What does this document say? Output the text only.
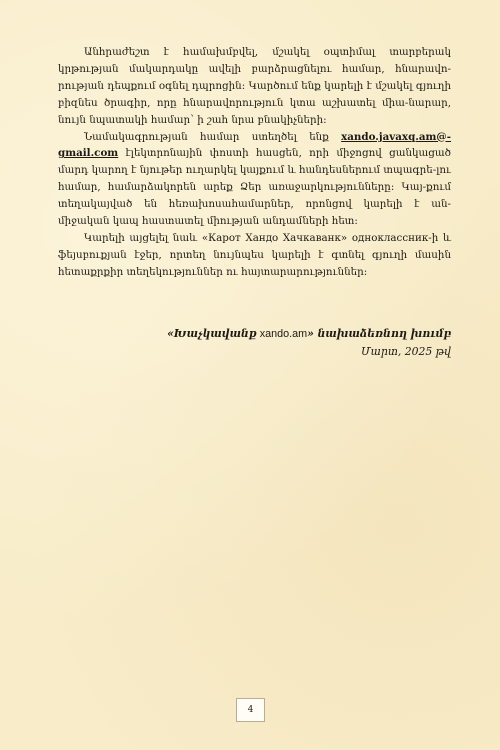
Անհրաժեշտ է համախմբվել, մշակել օպտիմալ տարբերակ կրթության մակարդակը ավելի բարձրացնելու համար, հնարավո-րության դեպքում օգնել դպրոցին: Կարծում ենք կարելի է մշակել գյուղի բիզնես ծրագիր, որը հնարավորություն կտա աշխատել միա-նարար, նույն նպատակի համար՝ ի շահ նրա բնակիչների:

Նամակագրության համար ստեղծել ենք xando.javaxq.am@-gmail.com էլեկտրոնային փոստի հասցեն, որի միջոցով ցանկացած մարդ կարող է նյութեր ուղարկել կայքում և հանդեսներում տպագրե-լու համար, համարձակորեն արեք Ձեր առաջարկությունները: Կայ-քում տեղակայված են հեռախոսահամարներ, որոնցով կարելի է ան-միջական կապ հաստատել միության անդամների հետ:

Կարելի այցելել նաև «Карот Хандо Хачкаванк» одноклассник-ի և ֆեյսբուքյան էջեր, որտեղ նույնպես կարելի է գտնել գյուղի մասին հետաքրքիր տեղեկություններ ու հայտարարություններ:

«Խաչկավանք xando.am» նախաձեռնող խումբ
Մարտ, 2025 թվ
4
